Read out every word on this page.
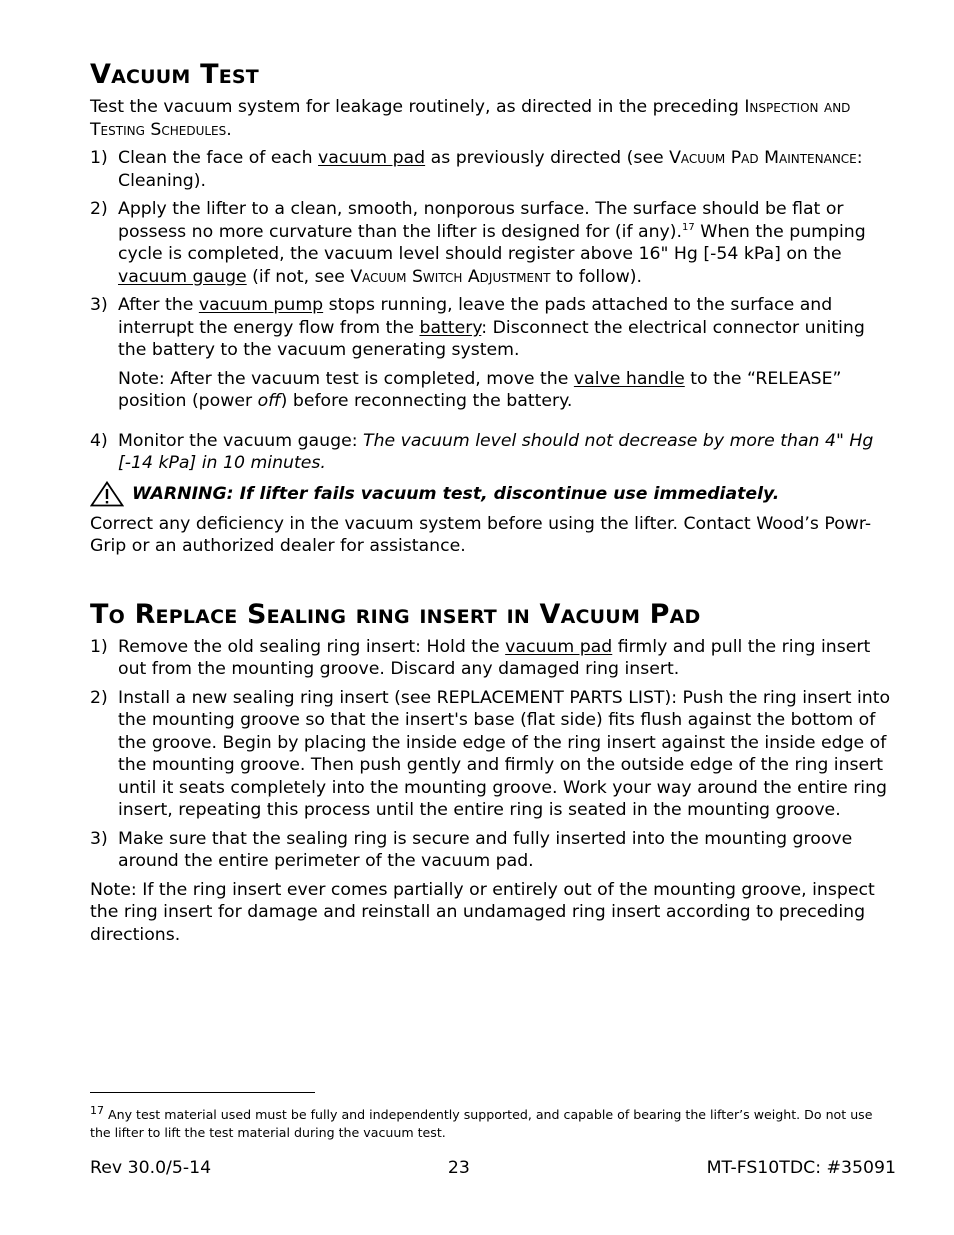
Vacuum Test

Test the vacuum system for leakage routinely, as directed in the preceding Inspection and Testing Schedules.

1) Clean the face of each vacuum pad as previously directed (see Vacuum Pad Maintenance: Cleaning).
2) Apply the lifter to a clean, smooth, nonporous surface. The surface should be flat or possess no more curvature than the lifter is designed for (if any).$^{17}$ When the pumping cycle is completed, the vacuum level should register above 16" Hg [-54 kPa] on the vacuum gauge (if not, see Vacuum Switch Adjustment to follow).
3) After the vacuum pump stops running, leave the pads attached to the surface and interrupt the energy flow from the battery: Disconnect the electrical connector uniting the battery to the vacuum generating system.

Note: After the vacuum test is completed, move the valve handle to the “RELEASE” position (power off) before reconnecting the battery.

4) Monitor the vacuum gauge: The vacuum level should not decrease by more than 4" Hg [-14 kPa] in 10 minutes.
WARNING: If lifter fails vacuum test, discontinue use immediately.

Correct any deficiency in the vacuum system before using the lifter. Contact Wood’s Powr-Grip or an authorized dealer for assistance.

To Replace Sealing ring insert in Vacuum Pad
1) Remove the old sealing ring insert: Hold the vacuum pad firmly and pull the ring insert out from the mounting groove. Discard any damaged ring insert.
2) Install a new sealing ring insert (see REPLACEMENT PARTS LIST): Push the ring insert into the mounting groove so that the insert's base (flat side) fits flush against the bottom of the groove. Begin by placing the inside edge of the ring insert against the inside edge of the mounting groove. Then push gently and firmly on the outside edge of the ring insert until it seats completely into the mounting groove. Work your way around the entire ring insert, repeating this process until the entire ring is seated in the mounting groove.
3) Make sure that the sealing ring is secure and fully inserted into the mounting groove around the entire perimeter of the vacuum pad.

Note: If the ring insert ever comes partially or entirely out of the mounting groove, inspect the ring insert for damage and reinstall an undamaged ring insert according to preceding directions.

$^{17}$ Any test material used must be fully and independently supported, and capable of bearing the lifter’s weight. Do not use the lifter to lift the test material during the vacuum test.
Rev 30.0/5-14	23	MT-FS10TDC: #35091
